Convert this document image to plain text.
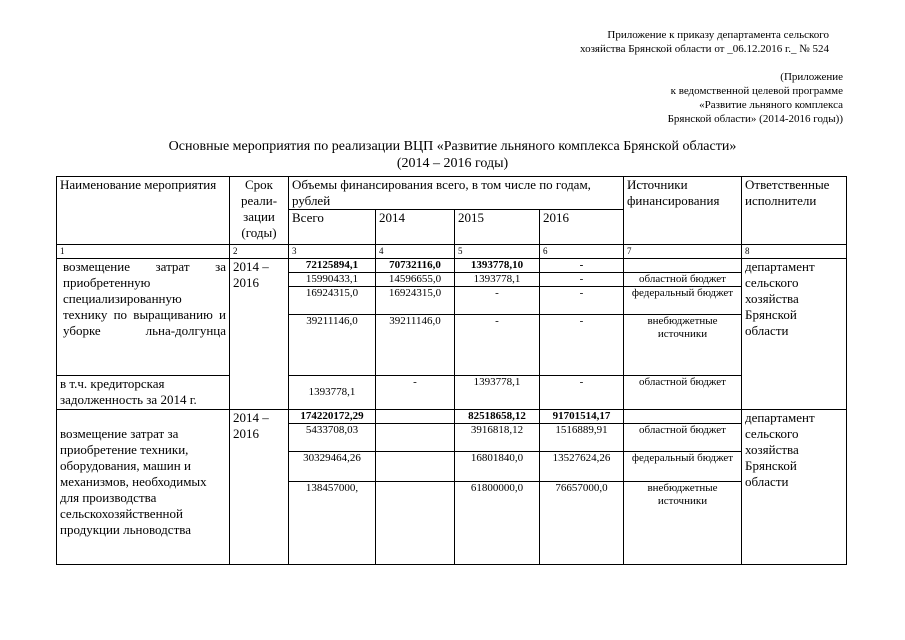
Приложение к приказу департамента сельского
хозяйства Брянской области от _06.12.2016 г._ № 524
(Приложение
к ведомственной целевой программе
«Развитие льняного комплекса
Брянской области» (2014-2016 годы))
Основные мероприятия по реализации ВЦП «Развитие льняного комплекса Брянской области»
(2014 – 2016 годы)
Наименование мероприятия	Срок реали-зации (годы)	Объемы финансирования всего, в том числе по годам, рублей				Источники финансирования	Ответственные исполнители
		Всего	2014	2015	2016		
1	2	3	4	5	6	7	8

возмещение затрат за приобретенную специализированную технику по выращиванию и уборке льна-долгунца	2014 – 2016	72125894,1	70732116,0	1393778,10	-		департамент сельского хозяйства Брянской области
		15990433,1	14596655,0	1393778,1	-	областной бюджет	
		16924315,0	16924315,0	-	-	федеральный бюджет	
		39211146,0	39211146,0	-	-	внебюджетные источники	
в т.ч. кредиторская задолженность за 2014 г.		1393778,1	-	1393778,1	-	областной бюджет	
возмещение затрат за приобретение техники, оборудования, машин и механизмов, необходимых для производства сельскохозяйственной продукции льноводства	2014 – 2016	174220172,29		82518658,12	91701514,17		департамент сельского хозяйства Брянской области
		5433708,03		3916818,12	1516889,91	областной бюджет	
		30329464,26		16801840,0	13527624,26	федеральный бюджет	
		138457000,		61800000,0	76657000,0	внебюджетные источники	
